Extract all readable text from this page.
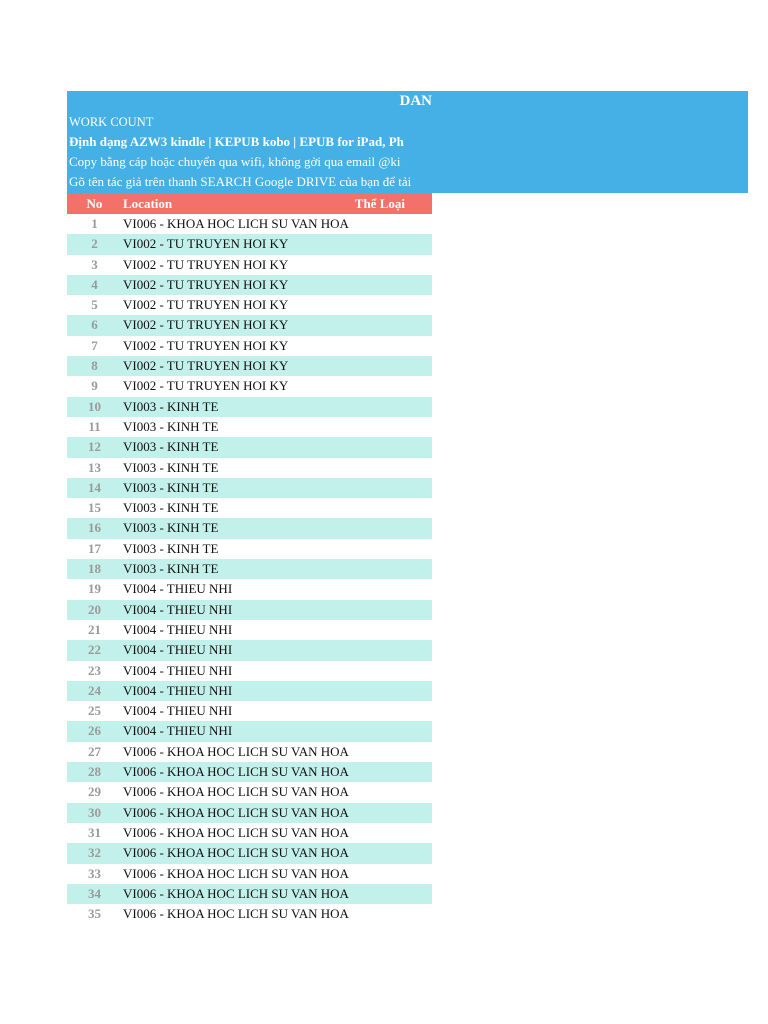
DAN
WORK COUNT
Định dạng AZW3 kindle | KEPUB kobo | EPUB for iPad, Ph
Copy bằng cáp hoặc chuyển qua wifi, không gởi qua email @ki
Gõ tên tác giả trên thanh SEARCH Google DRIVE của bạn để tải
No	Location	Thể Loại
1	VI006 - KHOA HOC LICH SU VAN HOA
2	VI002 - TU TRUYEN HOI KY
3	VI002 - TU TRUYEN HOI KY
4	VI002 - TU TRUYEN HOI KY
5	VI002 - TU TRUYEN HOI KY
6	VI002 - TU TRUYEN HOI KY
7	VI002 - TU TRUYEN HOI KY
8	VI002 - TU TRUYEN HOI KY
9	VI002 - TU TRUYEN HOI KY
10	VI003 - KINH TE
11	VI003 - KINH TE
12	VI003 - KINH TE
13	VI003 - KINH TE
14	VI003 - KINH TE
15	VI003 - KINH TE
16	VI003 - KINH TE
17	VI003 - KINH TE
18	VI003 - KINH TE
19	VI004 - THIEU NHI
20	VI004 - THIEU NHI
21	VI004 - THIEU NHI
22	VI004 - THIEU NHI
23	VI004 - THIEU NHI
24	VI004 - THIEU NHI
25	VI004 - THIEU NHI
26	VI004 - THIEU NHI
27	VI006 - KHOA HOC LICH SU VAN HOA
28	VI006 - KHOA HOC LICH SU VAN HOA
29	VI006 - KHOA HOC LICH SU VAN HOA
30	VI006 - KHOA HOC LICH SU VAN HOA
31	VI006 - KHOA HOC LICH SU VAN HOA
32	VI006 - KHOA HOC LICH SU VAN HOA
33	VI006 - KHOA HOC LICH SU VAN HOA
34	VI006 - KHOA HOC LICH SU VAN HOA
35	VI006 - KHOA HOC LICH SU VAN HOA
